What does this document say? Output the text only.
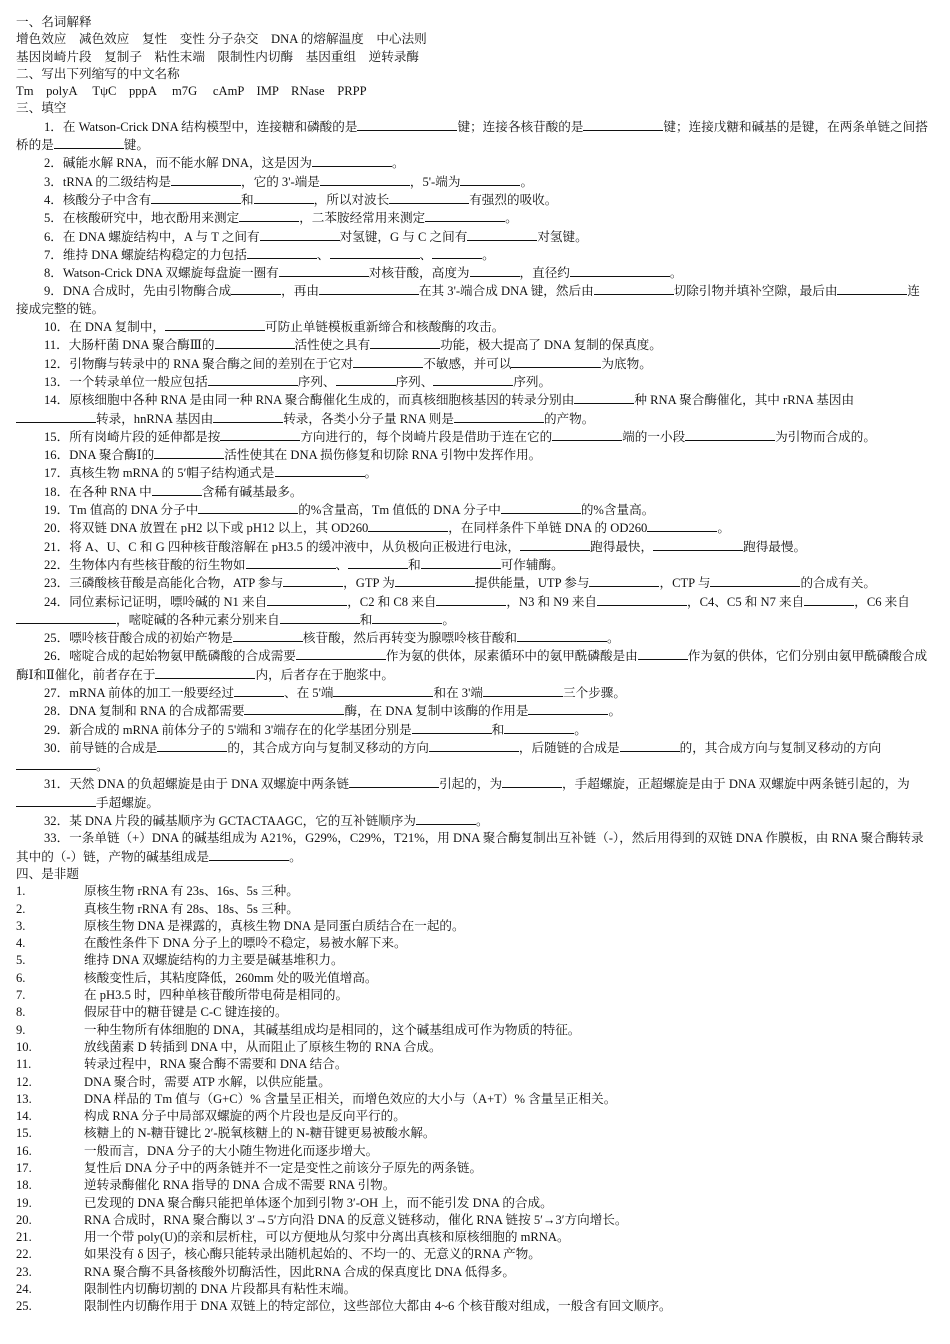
一、名词解释

增色效应　减色效应　复性　变性 分子杂交　DNA 的熔解温度　中心法则

基因岗崎片段　复制子　粘性末端　限制性内切酶　基因重组　逆转录酶

二、写出下列缩写的中文名称

Tm　polyA　 TψC　pppA　 m7G　 cAmP　IMP　RNase　PRPP

三、填空

1．在 Watson-Crick DNA 结构模型中，连接糖和磷酸的是	键；连接各核苷酸的是	键；连接戊糖和碱基的是键，在两条单链之间搭桥的是	键。

2．碱能水解 RNA，而不能水解 DNA，这是因为	。

3．tRNA 的二级结构是	，它的 3'-端是	，5'-端为	。

4．核酸分子中含有	和	，所以对波长	有强烈的吸收。

5．在核酸研究中，地衣酚用来测定	，二苯胺经常用来测定	。

6．在 DNA 螺旋结构中，A 与 T 之间有	对氢键，G 与 C 之间有	对氢键。

7．维持 DNA 螺旋结构稳定的力包括	、	、	。

8．Watson-Crick DNA 双螺旋每盘旋一圈有	对核苷酸，高度为	，直径约	。

9．DNA 合成时，先由引物酶合成	，再由	在其 3'-端合成 DNA 键，然后由	切除引物并填补空隙，最后由	连接成完整的链。

10．在 DNA 复制中，	可防止单链模板重新缔合和核酸酶的攻击。

11．大肠杆菌 DNA 聚合酶Ⅲ的	活性使之具有	功能，极大提高了 DNA 复制的保真度。

12．引物酶与转录中的 RNA 聚合酶之间的差别在于它对	不敏感，并可以	为底物。

13．一个转录单位一般应包括	序列、	序列、	序列。

14．原核细胞中各种 RNA 是由同一种 RNA 聚合酶催化生成的，而真核细胞核基因的转录分别由	种 RNA 聚合酶催化，其中 rRNA 基因由转录，hnRNA 基因由	转录，各类小分子量 RNA 则是	的产物。

15．所有岗崎片段的延伸都是按	方向进行的，每个岗崎片段是借助于连在它的	端的一小段	为引物而合成的。

16．DNA 聚合酶Ⅰ的	活性使其在 DNA 损伤修复和切除 RNA 引物中发挥作用。

17．真核生物 mRNA 的 5′帽子结构通式是	。

18．在各种 RNA 中	含稀有碱基最多。

19．Tm 值高的 DNA 分子中	的%含量高，Tm 值低的 DNA 分子中	的%含量高。

20．将双链 DNA 放置在 pH2 以下或 pH12 以上，其 OD260	，在同样条件下单链 DNA 的 OD260	。

21．将 A、U、C 和 G 四种核苷酸溶解在 pH3.5 的缓冲液中，从负极向正极进行电泳，	跑得最快，	跑得最慢。

22．生物体内有些核苷酸的衍生物如	、	和	可作辅酶。

23．三磷酸核苷酸是高能化合物，ATP 参与	，GTP 为	提供能量，UTP 参与	，CTP 与	的合成有关。

24．同位素标记证明，嘌呤碱的 N1 来自	，C2 和 C8 来自	，N3 和 N9 来自	，C4、C5 和 N7 来自	，C6 来自，嘧啶碱的各种元素分别来自	和	。

25．嘌呤核苷酸合成的初始产物是	核苷酸，然后再转变为腺嘌呤核苷酸和	。

26．嘧啶合成的起始物氨甲酰磷酸的合成需要	作为氨的供体，尿素循环中的氨甲酰磷酸是由	作为氨的供体，它们分别由氨甲酰磷酸合成酶Ⅰ和Ⅱ催化，前者存在于	内，后者存在于胞浆中。

27．mRNA 前体的加工一般要经过	、在 5'端	和在 3'端	三个步骤。

28．DNA 复制和 RNA 的合成都需要	酶，在 DNA 复制中该酶的作用是	。

29．新合成的 mRNA 前体分子的 5'端和 3'端存在的化学基团分别是	和	。

30．前导链的合成是	的，其合成方向与复制叉移动的方向	，后随链的合成是	的，其合成方向与复制叉移动的方向。

31．天然 DNA 的负超螺旋是由于 DNA 双螺旋中两条链	引起的，为	，手超螺旋，正超螺旋是由于 DNA 双螺旋中两条链引起的，为手超螺旋。

32．某 DNA 片段的碱基顺序为 GCTACTAAGC，它的互补链顺序为	。

33．一条单链（+）DNA 的碱基组成为 A21%，G29%，C29%，T21%，用 DNA 聚合酶复制出互补链（-），然后用得到的双链 DNA 作膜板，由 RNA 聚合酶转录其中的（-）链，产物的碱基组成是	。

四、是非题

1.	原核生物 rRNA 有 23s、16s、5s 三种。

2.	真核生物 rRNA 有 28s、18s、5s 三种。

3.	原核生物 DNA 是裸露的，真核生物 DNA 是同蛋白质结合在一起的。

4.	在酸性条件下 DNA 分子上的嘌呤不稳定，易被水解下来。

5.	维持 DNA 双螺旋结构的力主要是碱基堆积力。

6.	核酸变性后，其粘度降低，260mm 处的吸光值增高。

7.	在 pH3.5 时，四种单核苷酸所带电荷是相同的。

8.	假尿苷中的糖苷键是 C-C 键连接的。

9.	一种生物所有体细胞的 DNA，其碱基组成均是相同的，这个碱基组成可作为物质的特征。

10.	放线菌素 D 转插到 DNA 中，从而阻止了原核生物的 RNA 合成。

11.	转录过程中，RNA 聚合酶不需要和 DNA 结合。

12.	DNA 聚合时，需要 ATP 水解，以供应能量。

13.	DNA 样品的 Tm 值与（G+C）% 含量呈正相关，而增色效应的大小与（A+T）% 含量呈正相关。

14.	构成 RNA 分子中局部双螺旋的两个片段也是反向平行的。

15.	核糖上的 N-糖苷键比 2′-脱氧核糖上的 N-糖苷键更易被酸水解。

16.	一般而言，DNA 分子的大小随生物进化而逐步增大。

17.	复性后 DNA 分子中的两条链并不一定是变性之前该分子原先的两条链。

18.	逆转录酶催化 RNA 指导的 DNA 合成不需要 RNA 引物。

19.	已发现的 DNA 聚合酶只能把单体逐个加到引物 3′-OH 上，而不能引发 DNA 的合成。

20.	RNA 合成时，RNA 聚合酶以 3′→5′方向沿 DNA 的反意义链移动，催化 RNA 链按 5′→3′方向增长。

21.	用一个带 poly(U)的亲和层析柱，可以方便地从匀浆中分离出真核和原核细胞的 mRNA。

22.	如果没有 δ 因子，核心酶只能转录出随机起始的、不均一的、无意义的RNA 产物。

23.	RNA 聚合酶不具备核酸外切酶活性，因此RNA 合成的保真度比 DNA 低得多。

24.	限制性内切酶切割的 DNA 片段都具有粘性末端。

25.	限制性内切酶作用于 DNA 双链上的特定部位，这些部位大都由 4~6 个核苷酸对组成，一般含有回文顺序。
